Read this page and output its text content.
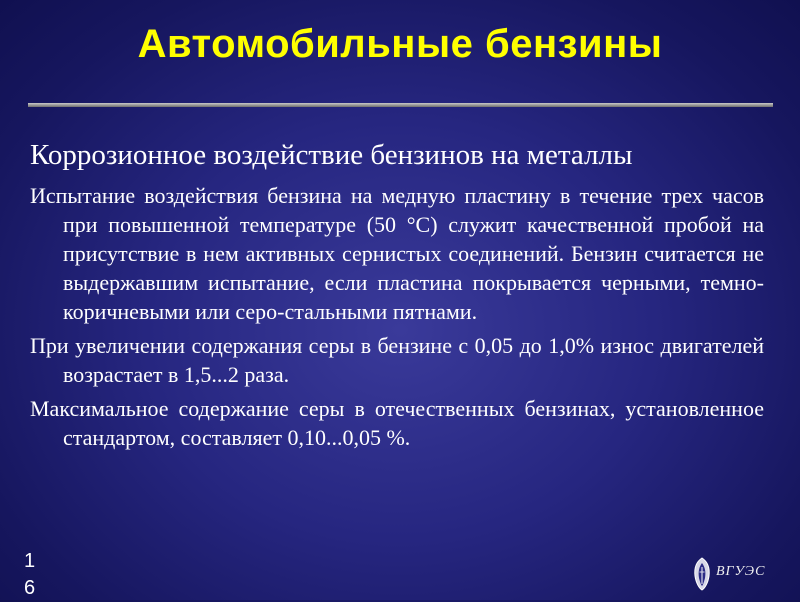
Автомобильные бензины

Коррозионное воздействие бензинов на металлы

Испытание воздействия бензина на медную пластину в течение трех часов при повышенной температуре (50 °С) служит качественной пробой на присутствие в нем активных сернистых соединений. Бензин считается не выдержавшим испытание, если пластина покрывается черными, темно-коричневыми или серо-стальными пятнами.

При увеличении содержания серы в бензине с 0,05 до 1,0% износ двигателей возрастает в 1,5...2 раза.

Максимальное содержание серы в отечественных бензинах, установленное стандартом, составляет 0,10...0,05 %.

16
ВГУЭС
